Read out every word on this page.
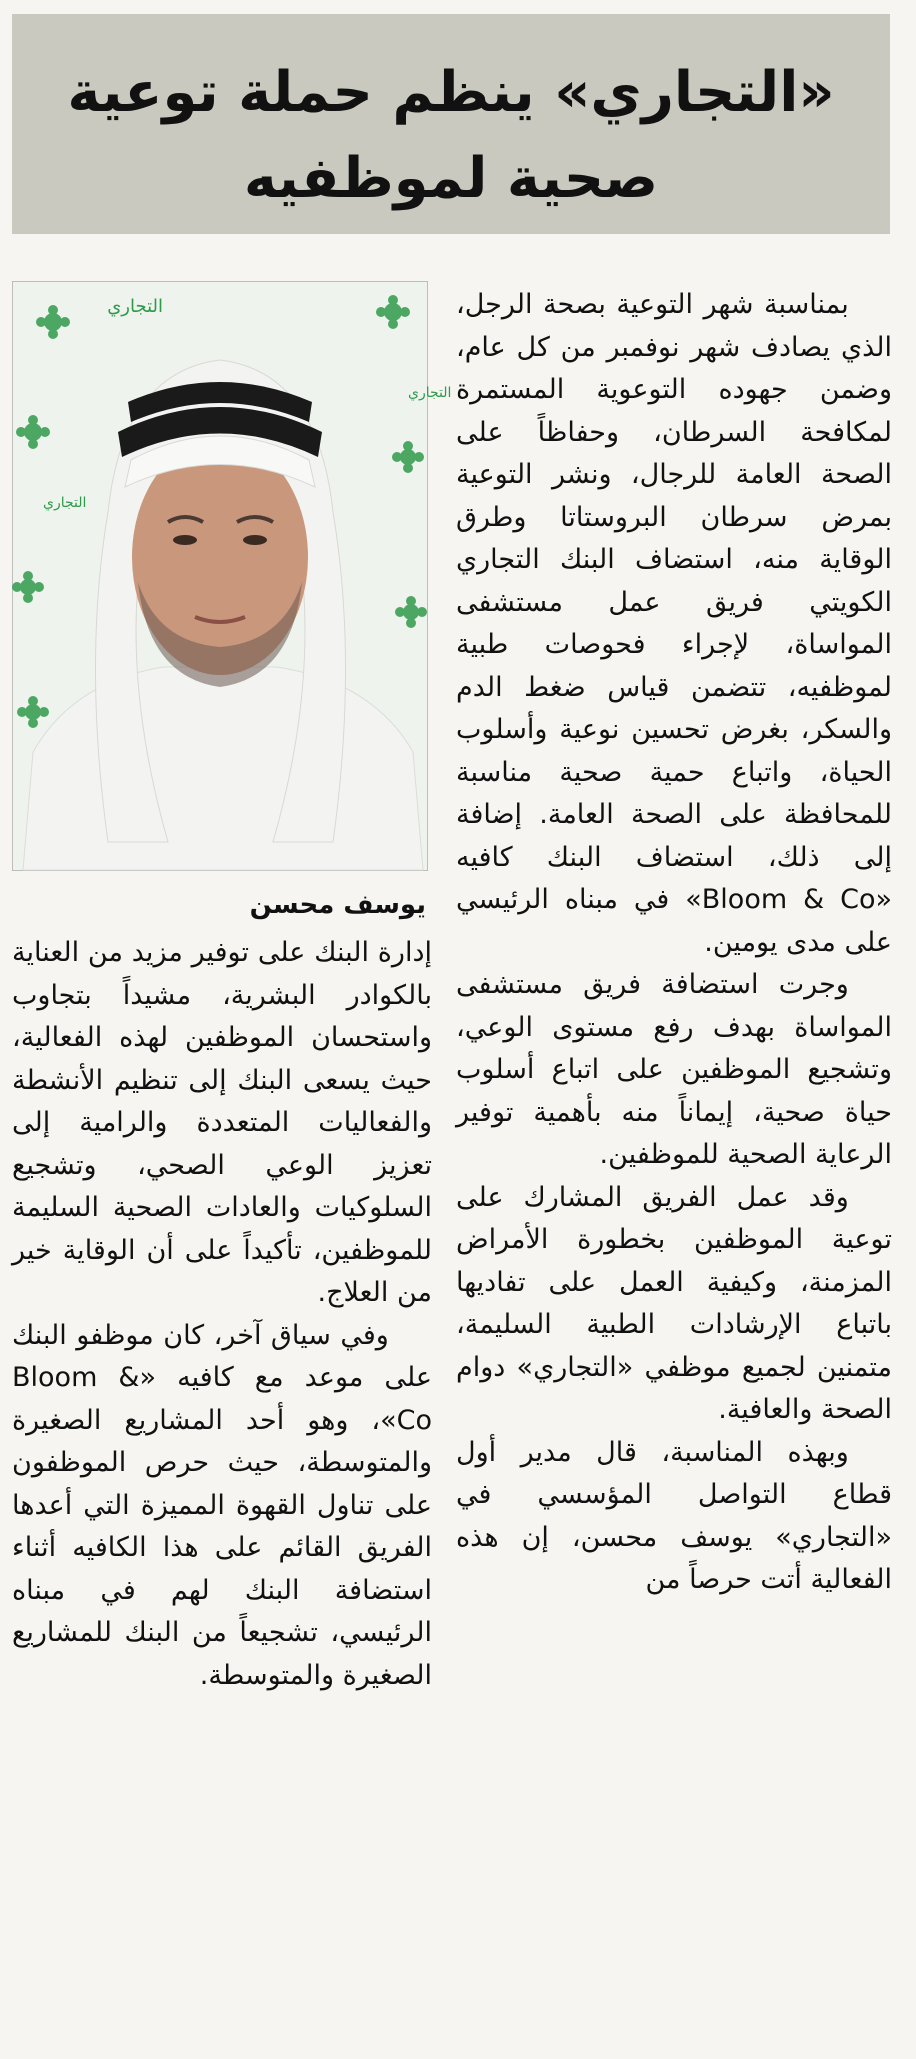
«التجاري» ينظم حملة توعية
صحية لموظفيه
التجاري
التجاري
التجاري
يوسف محسن

بمناسبة شهر التوعية بصحة الرجل، الذي يصادف شهر نوفمبر من كل عام، وضمن جهوده التوعوية المستمرة لمكافحة السرطان، وحفاظاً على الصحة العامة للرجال، ونشر التوعية بمرض سرطان البروستاتا وطرق الوقاية منه، استضاف البنك التجاري الكويتي فريق عمل مستشفى المواساة، لإجراء فحوصات طبية لموظفيه، تتضمن قياس ضغط الدم والسكر، بغرض تحسين نوعية وأسلوب الحياة، واتباع حمية صحية مناسبة للمحافظة على الصحة العامة. إضافة إلى ذلك، استضاف البنك كافيه «Bloom & Co» في مبناه الرئيسي على مدى يومين.

وجرت استضافة فريق مستشفى المواساة بهدف رفع مستوى الوعي، وتشجيع الموظفين على اتباع أسلوب حياة صحية، إيماناً منه بأهمية توفير الرعاية الصحية للموظفين.

وقد عمل الفريق المشارك على توعية الموظفين بخطورة الأمراض المزمنة، وكيفية العمل على تفاديها باتباع الإرشادات الطبية السليمة، متمنين لجميع موظفي «التجاري» دوام الصحة والعافية.

وبهذه المناسبة، قال مدير أول قطاع التواصل المؤسسي في «التجاري» يوسف محسن، إن هذه الفعالية أتت حرصاً من

إدارة البنك على توفير مزيد من العناية بالكوادر البشرية، مشيداً بتجاوب واستحسان الموظفين لهذه الفعالية، حيث يسعى البنك إلى تنظيم الأنشطة والفعاليات المتعددة والرامية إلى تعزيز الوعي الصحي، وتشجيع السلوكيات والعادات الصحية السليمة للموظفين، تأكيداً على أن الوقاية خير من العلاج.

وفي سياق آخر، كان موظفو البنك على موعد مع كافيه «Bloom & Co»، وهو أحد المشاريع الصغيرة والمتوسطة، حيث حرص الموظفون على تناول القهوة المميزة التي أعدها الفريق القائم على هذا الكافيه أثناء استضافة البنك لهم في مبناه الرئيسي، تشجيعاً من البنك للمشاريع الصغيرة والمتوسطة.
